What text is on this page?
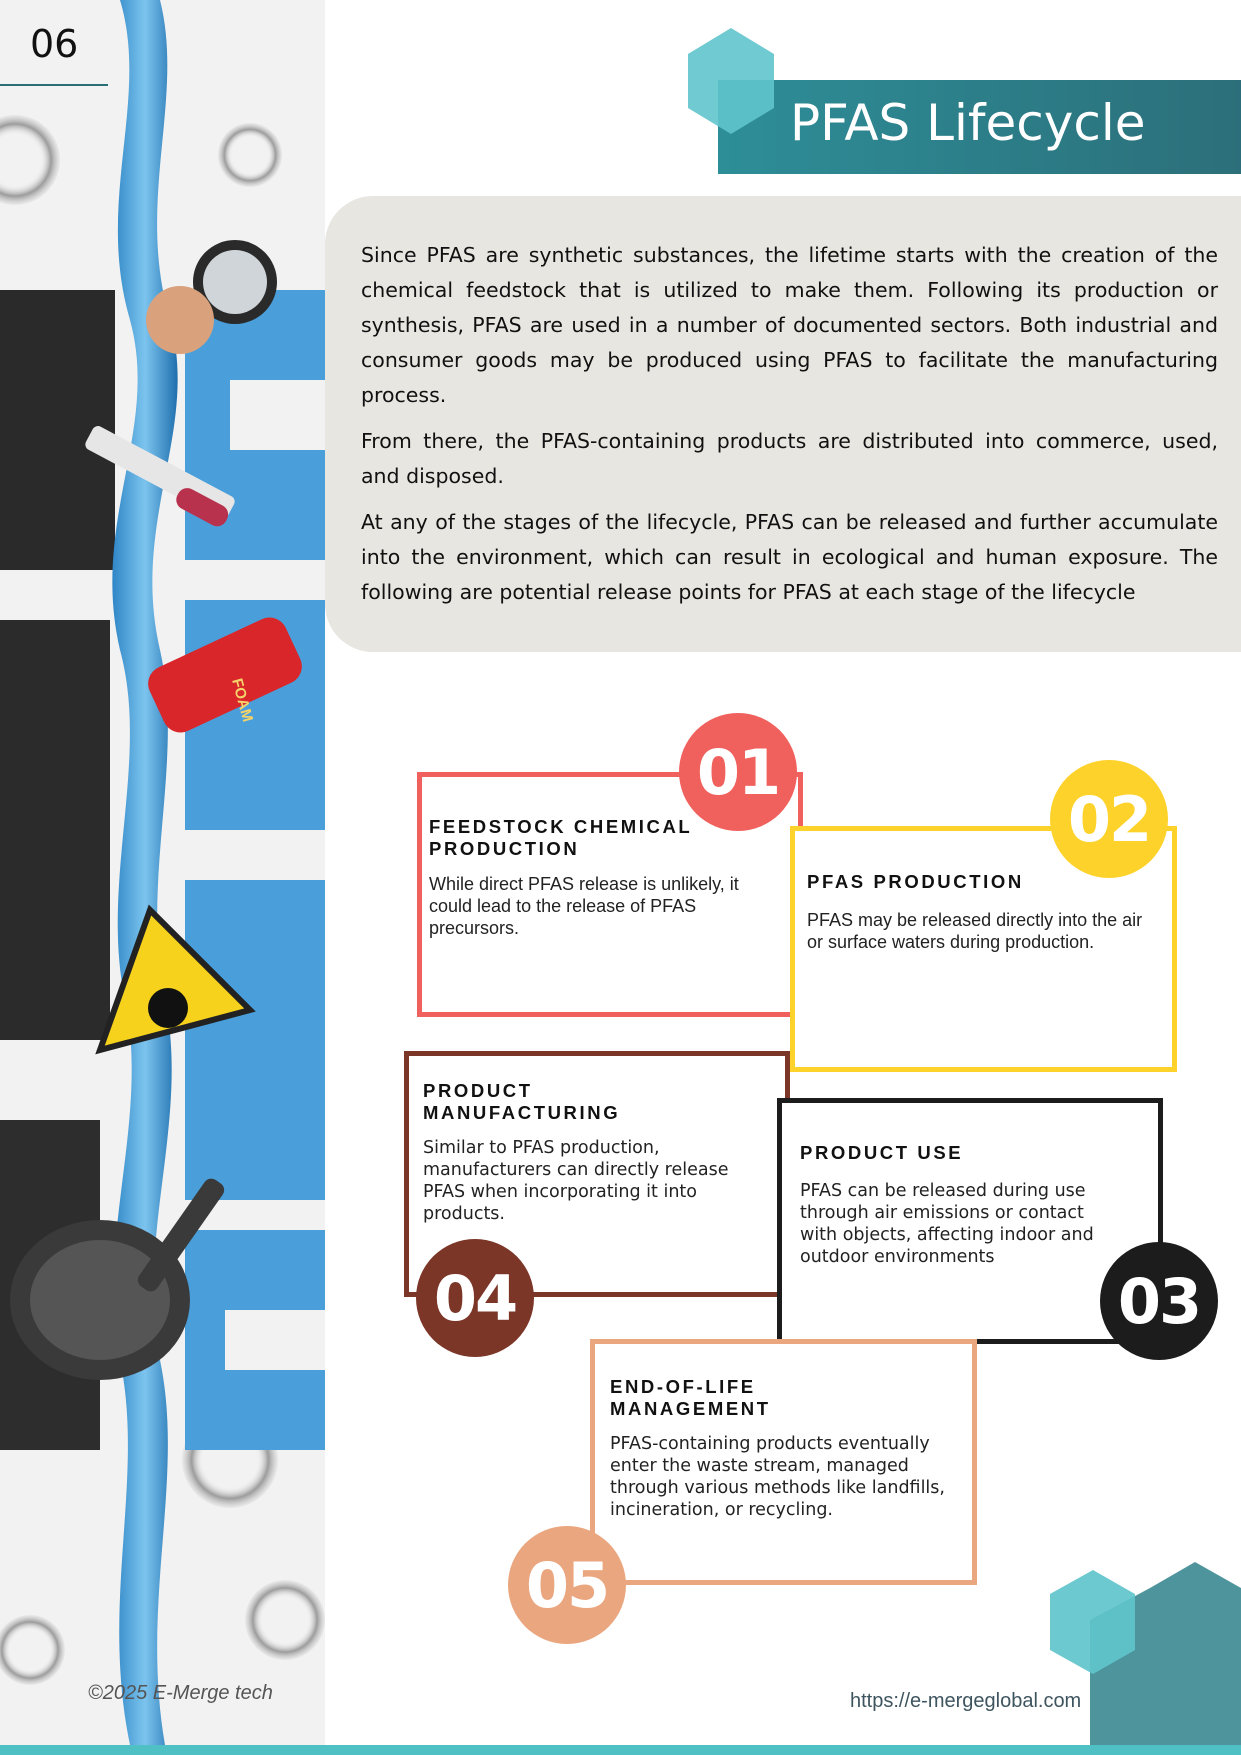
FOAM
06
PFAS Lifecycle

Since PFAS are synthetic substances, the lifetime starts with the creation of the chemical feedstock that is utilized to make them. Following its production or synthesis, PFAS are used in a number of documented sectors. Both industrial and consumer goods may be produced using PFAS to facilitate the manufacturing process.

From there, the PFAS-containing products are distributed into commerce, used, and disposed.

At any of the stages of the lifecycle, PFAS can be released and further accumulate into the environment, which can result in ecological and human exposure. The following are potential release points for PFAS at each stage of the lifecycle

FEEDSTOCK CHEMICAL PRODUCTION
While direct PFAS release is unlikely, it could lead to the release of PFAS precursors.
01
PFAS PRODUCTION
PFAS may be released directly into the air or surface waters during production.
02
PRODUCT MANUFACTURING
Similar to PFAS production, manufacturers can directly release PFAS when incorporating it into products.
04
PRODUCT USE
PFAS can be released during use through air emissions or contact with objects, affecting indoor and outdoor environments
03
END-OF-LIFE MANAGEMENT
PFAS-containing products eventually enter the waste stream, managed through various methods like landfills, incineration, or recycling.
05
©2025 E-Merge tech	https://e-mergeglobal.com
